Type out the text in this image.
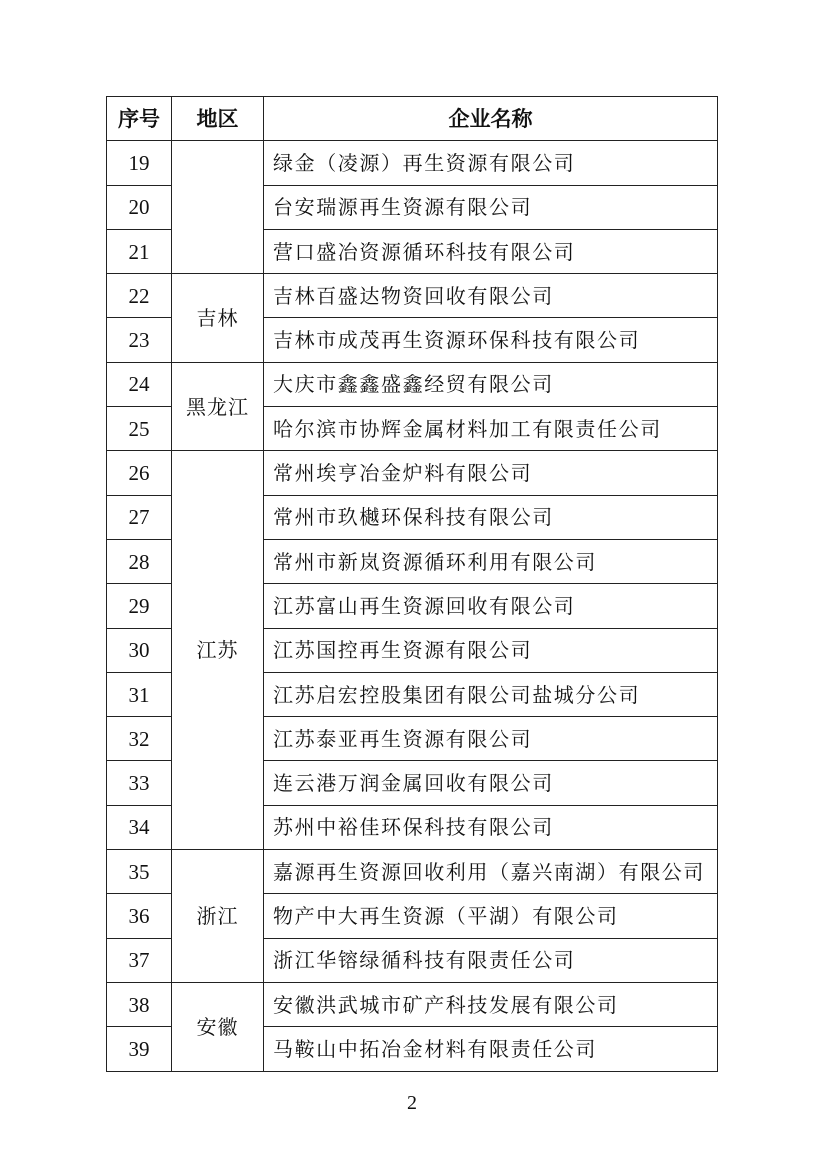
序号	地区	企业名称
19		绿金（凌源）再生资源有限公司
20		台安瑞源再生资源有限公司
21		营口盛冶资源循环科技有限公司
22	吉林	吉林百盛达物资回收有限公司
23		吉林市成茂再生资源环保科技有限公司
24	黑龙江	大庆市鑫鑫盛鑫经贸有限公司
25		哈尔滨市协辉金属材料加工有限责任公司
26	江苏	常州埃亨冶金炉料有限公司
27		常州市玖樾环保科技有限公司
28		常州市新岚资源循环利用有限公司
29		江苏富山再生资源回收有限公司
30		江苏国控再生资源有限公司
31		江苏启宏控股集团有限公司盐城分公司
32		江苏泰亚再生资源有限公司
33		连云港万润金属回收有限公司
34		苏州中裕佳环保科技有限公司
35	浙江	嘉源再生资源回收利用（嘉兴南湖）有限公司
36		物产中大再生资源（平湖）有限公司
37		浙江华镕绿循科技有限责任公司
38	安徽	安徽洪武城市矿产科技发展有限公司
39		马鞍山中拓冶金材料有限责任公司
2
